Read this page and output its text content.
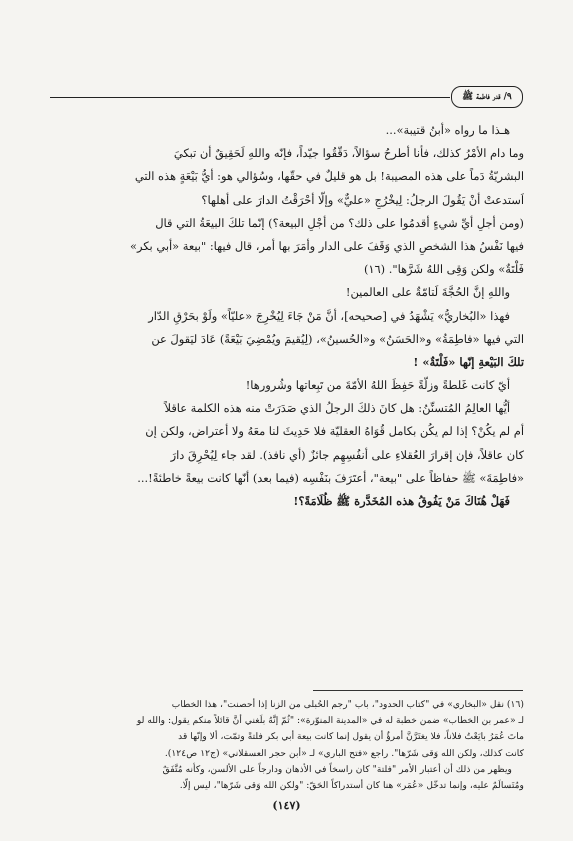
٩/ قدر فاطمة ﷺ
هـذا ما رواه «أبنُ قتيبة»...
وما دام الأمْرُ كذلك، فأنا أطرحُ سؤالاً، دَقّقُوا جيّداً، فإنّه واللهِ لَحَقِيقٌ أن تبكيَ
البشريّةُ دَماً على هذه المصيبة! بل هو قليلٌ في حقّها، وسُؤالي هو: أيُّ بَيْعَةٍ هذه التي
اَستدعتْ أنْ يَقُولَ الرجلُ: لِيخْرُجِ «عليٌّ» وإلّا أحْرَقْتُ الدارَ على أهلها؟
(ومن أجلِ أيِّ شيءٍ أقدمُوا على ذلك؟ من أجْلِ البيعة؟) إنّما تلكَ البيعَةُ التي قال
فيها نَفْسُ هذا الشخصِ الذي وَقَفَ على الدار وأمَرَ بها أمر، قال فيها: "بيعة «أبي بكر»
فَلْتَةٌ» ولكن وَقِى اللهُ شَرَّها". (١٦)
واللهِ إنَّ الحُجَّةَ لَتامّةٌ على العالمين!
فهذا «البُخاريُّ» يَشْهَدُ في [صحيحه]، أنَّ مَنْ جَاءَ لِيُخْرِجَ «عليّاً» ولَوْ بحَرْقِ الدّار
التي فيها «فاطِمَةُ» و«الحَسَنُ» و«الحُسينُ»، (لِيُقيمَ ويُمْضِيَ بَيْعَةً) عَادَ ليَقولَ عن
تلكَ البَيْعةِ إنّها «فَلْتَةٌ» !
أيّ كانت غَلطةً وزلّةً حَفِظَ اللهُ الأمّةَ من تَبِعاتها وشُرورها!
أيُّها العالِمُ المُتسنِّنُ: هل كانَ ذلكَ الرجلُ الذي صَدَرَتْ منه هذه الكلمة عاقلاً
أم لم يكُنْ؟ إذا لم يكُن بكامل قُوَاهُ العقليّة فلا حَدِيثَ لنا معَهُ ولا أعتراض، ولكن إن
كان عاقلاً، فإن إقرارَ العُقلاءِ على أنفُسِهِم جائزٌ (أي نافذ). لقد جاء لِيُحْرِقَ دارَ
«فاطِمَةَ» ﷺ حفاظاً على "بيعة"، أعتَرَفَ بنَفْسِه (فيما بعد) أنّها كانت بيعةً خاطئةً!...
فَهَلْ هُنَاكَ مَنْ يَفُوقُ هذه المُخَدَّرة ﷺ ظُلَامَةً؟!
(١٦) نقل «البخاري» في "كتاب الحدود"، باب "رجم الحُبلى من الزنا إذا أحصنت"، هذا الخطاب
لـ «عمر بن الخطاب» ضمن خطبة له في «المدينة المنوّرة»: "ثُمّ إنَّهُ بلَغني أنَّ قائلاً منكم يقول: والله لو
ماتَ عُمَرُ بايَعْتُ فلاناً، فلا يغتَرَّنَّ أمرؤٌ أن يقول إنما كانت بيعة أبي بكر فلتةً وتمّت، ألا وإنّها قد
كانت كذلك، ولكن الله وَقى شَرّها". راجع «فتح الباري» لـ «أبن حجر العسقلاني» (ج١٢ ص١٢٤).
ويظهر من ذلك أن أعتبار الأمر "فلتة" كان راسخاً في الأذهان ودارجاً على الألسن، وكأنه مُتَّفَقٌ
ومُتَسالَمٌ عليه، وإنما تدخّل «عُمَر» هنا كان أستدراكاً الحَقّ: "ولكن الله وَقى شَرّها"، ليس إلّا.
(١٤٧)
